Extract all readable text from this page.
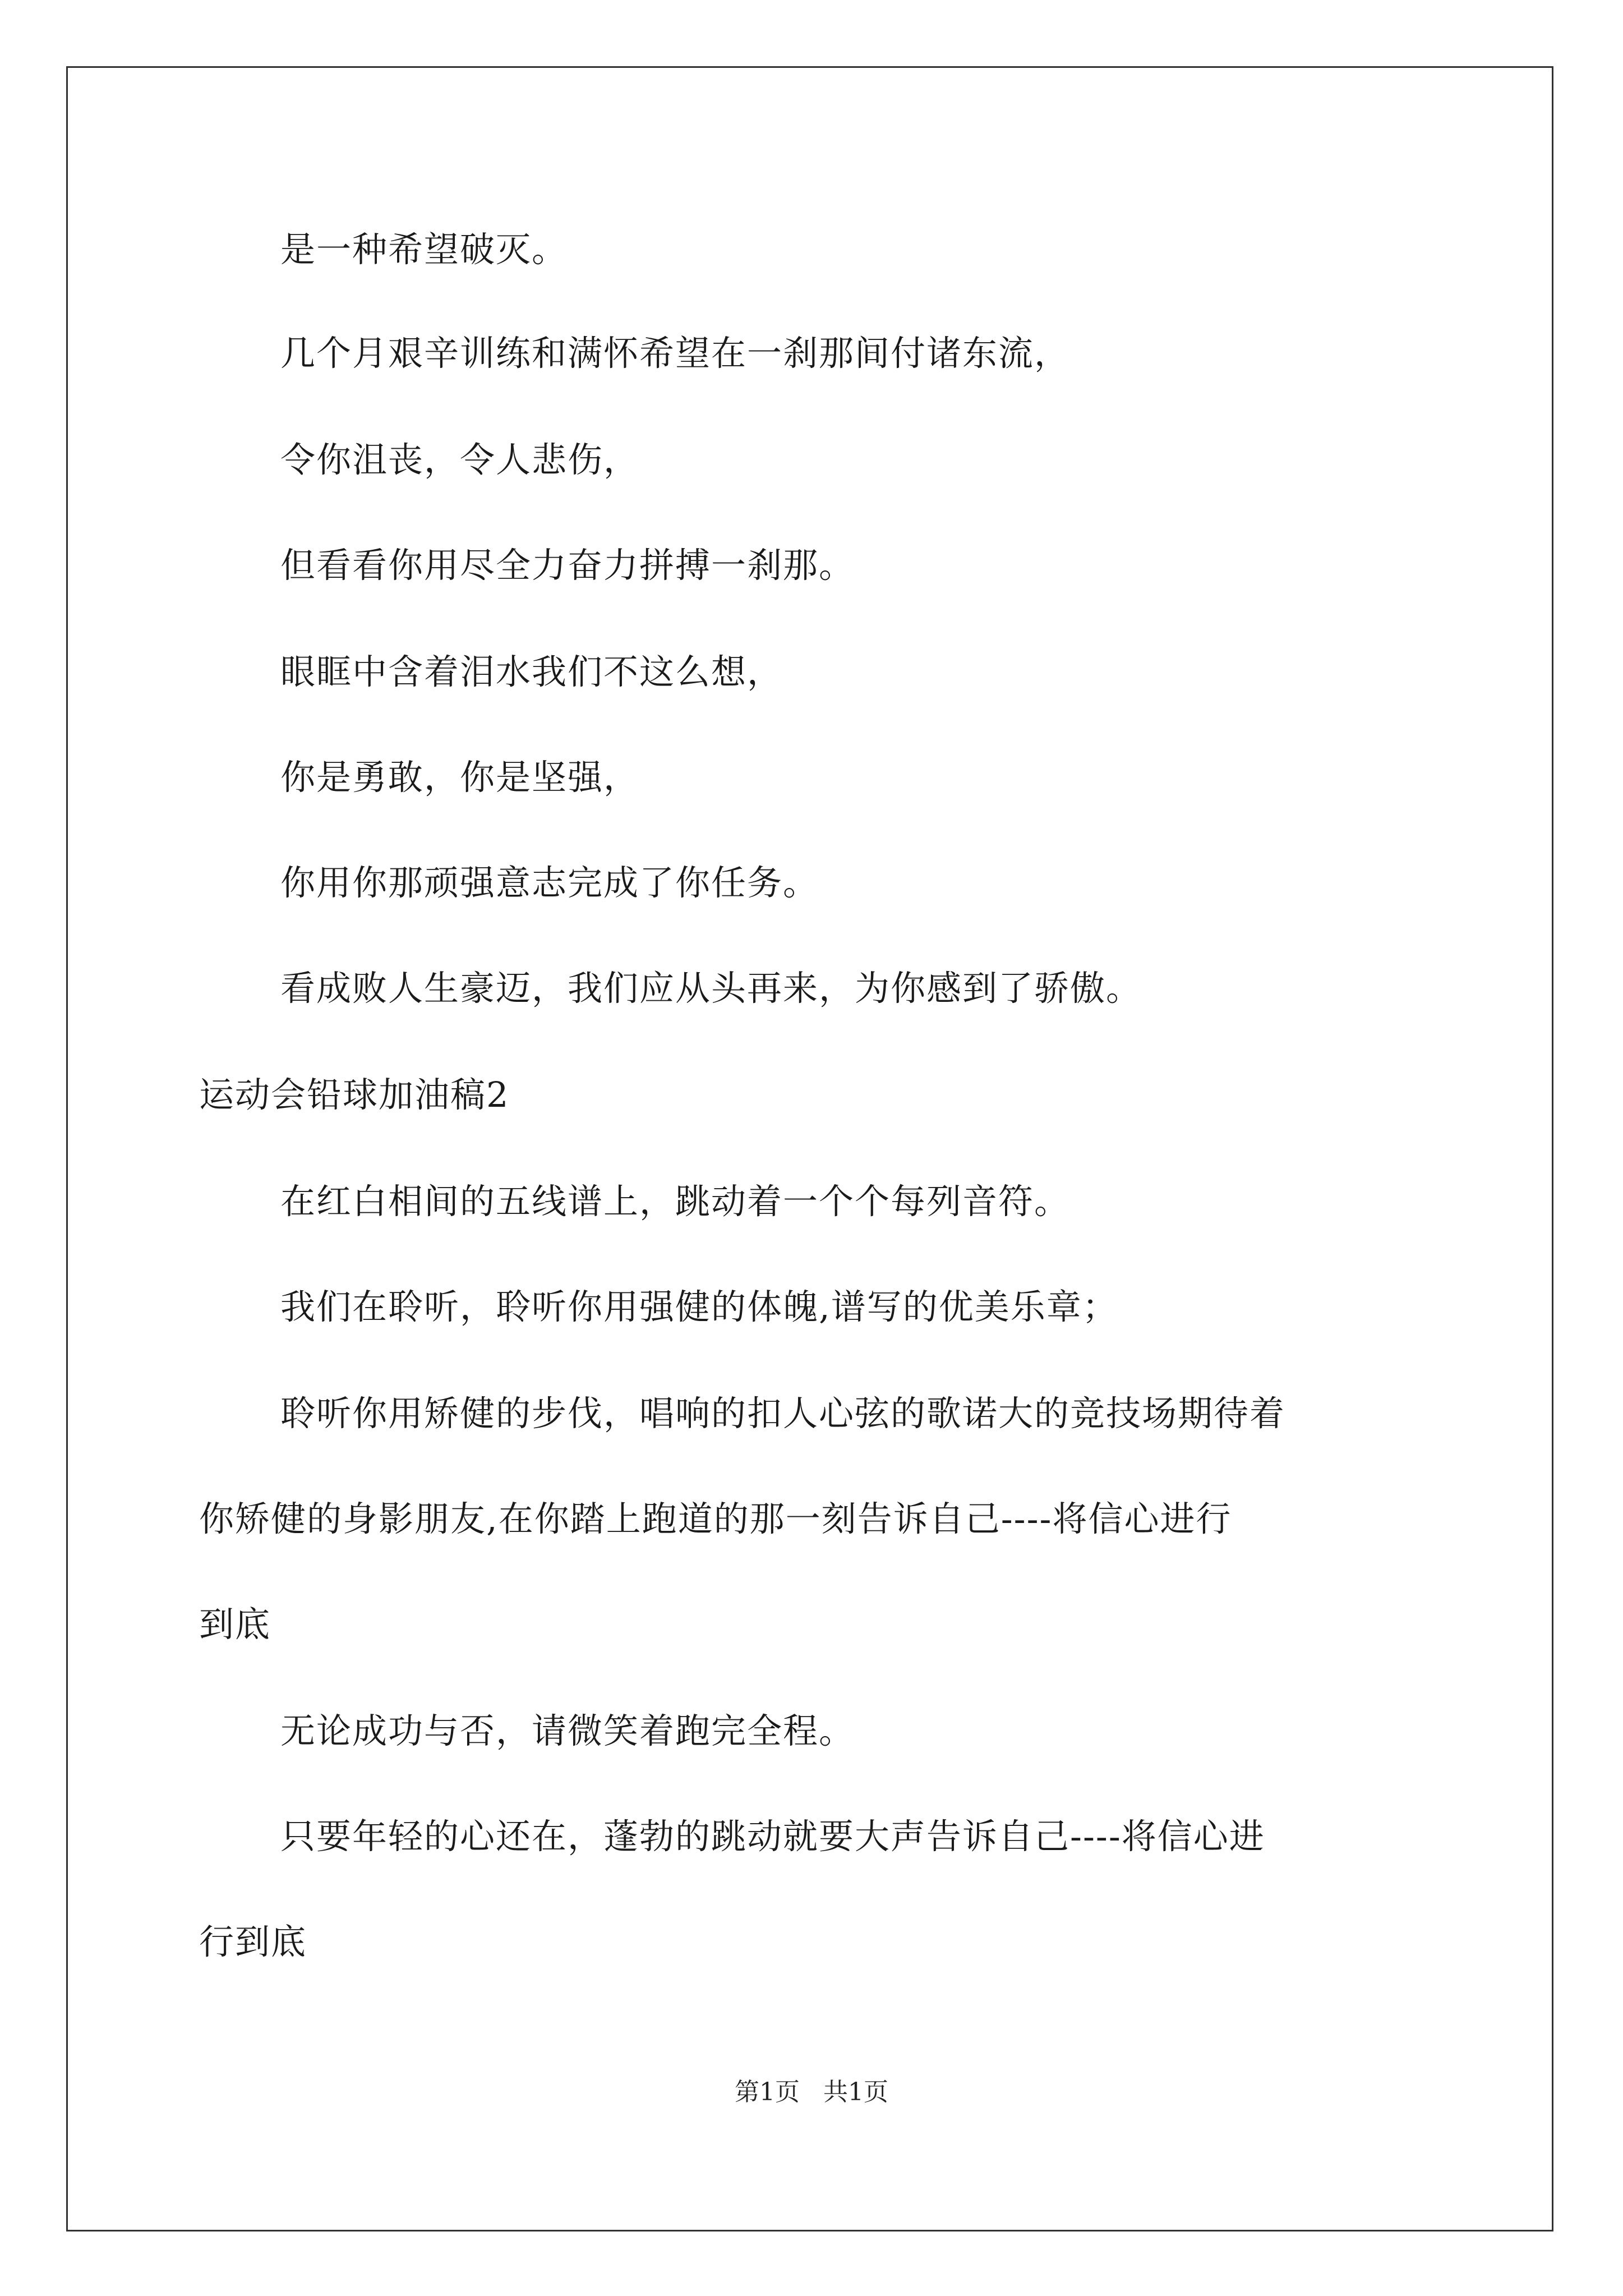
是一种希望破灭。
几个月艰辛训练和满怀希望在一刹那间付诸东流，
令你沮丧，令人悲伤，
但看看你用尽全力奋力拼搏一刹那。
眼眶中含着泪水我们不这么想，
你是勇敢，你是坚强，
你用你那顽强意志完成了你任务。
看成败人生豪迈，我们应从头再来，为你感到了骄傲。
运动会铅球加油稿2
在红白相间的五线谱上，跳动着一个个每列音符。
我们在聆听，聆听你用强健的体魄,谱写的优美乐章；
聆听你用矫健的步伐，唱响的扣人心弦的歌诺大的竞技场期待着
你矫健的身影朋友,在你踏上跑道的那一刻告诉自己----将信心进行
到底
无论成功与否，请微笑着跑完全程。
只要年轻的心还在，蓬勃的跳动就要大声告诉自己----将信心进
行到底
第1页   共1页
